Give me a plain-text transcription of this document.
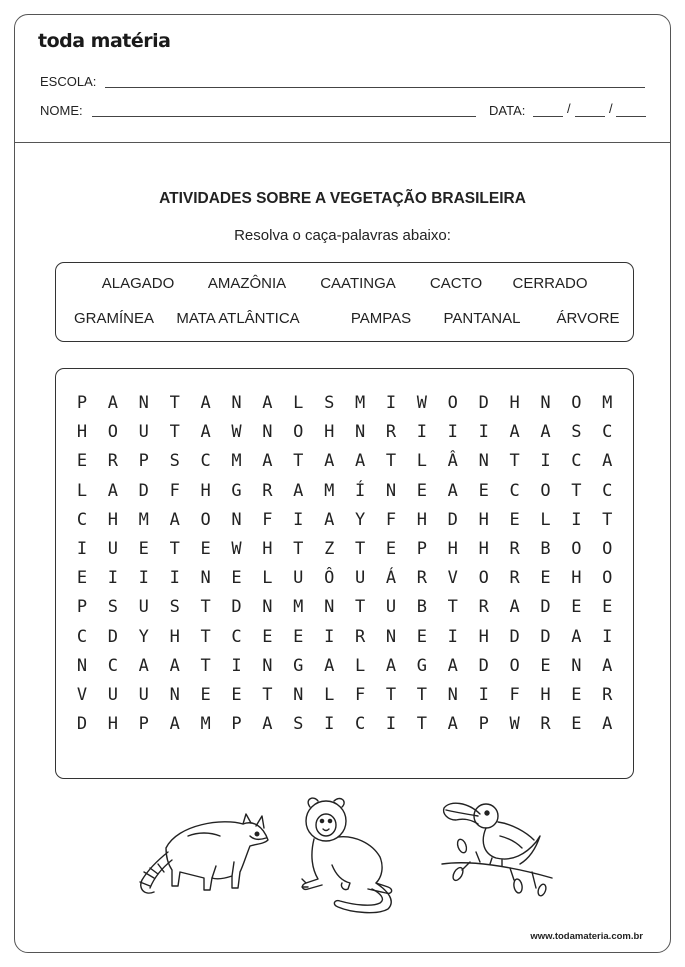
toda matéria
ESCOLA:
NOME:	DATA:	/	/
ATIVIDADES SOBRE A VEGETAÇÃO BRASILEIRA
Resolva o caça-palavras abaixo:
ALAGADO AMAZÔNIA CAATINGA CACTO CERRADO
GRAMÍNEA MATA ATLÂNTICA	PAMPAS PANTANAL ÁRVORE
P A N T A N A L S M I W O D H N O M
H O U T A W N O H N R I I I A A S C
E R P S C M A T A A T L Â N T I C A
L A D F H G R A M Í N E A E C O T C
C H M A O N F I A Y F H D H E L I T
I U E T E W H T Z T E P H H R B O O
E I I I N E L U Ô U Á R V O R E H O
P S U S T D N M N T U B T R A D E E
C D Y H T C E E I R N E I H D D A I
N C A A T I N G A L A G A D O E N A
V U U N E E T N L F T T N I F H E R
D H P A M P A S I C I T A P W R E A
www.todamateria.com.br
